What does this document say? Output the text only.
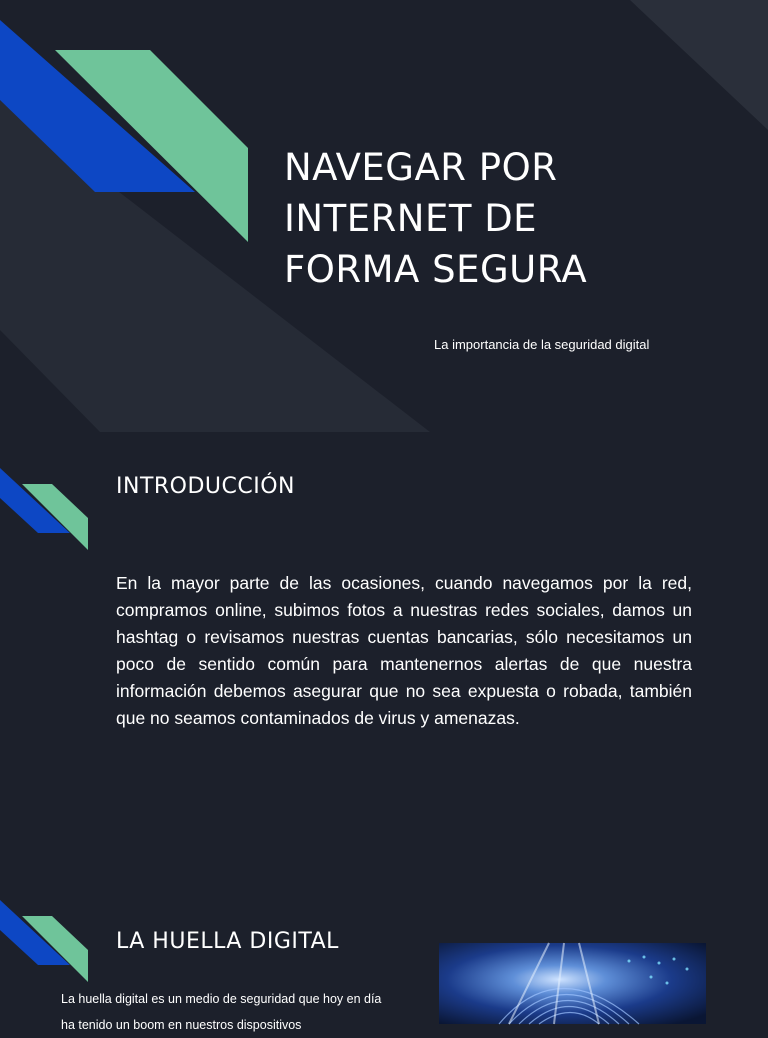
NAVEGAR POR
INTERNET DE
FORMA SEGURA

La importancia de la seguridad digital

INTRODUCCIÓN

En la mayor parte de las ocasiones, cuando navegamos por la red, compramos online, subimos fotos a nuestras redes sociales, damos un hashtag o revisamos nuestras cuentas bancarias, sólo necesitamos un poco de sentido común para mantenernos alertas de que nuestra información debemos asegurar que no sea expuesta o robada, también que no seamos contaminados de virus y amenazas.

LA HUELLA DIGITAL

La huella digital es un medio de seguridad que hoy en día ha tenido un boom en nuestros dispositivos
